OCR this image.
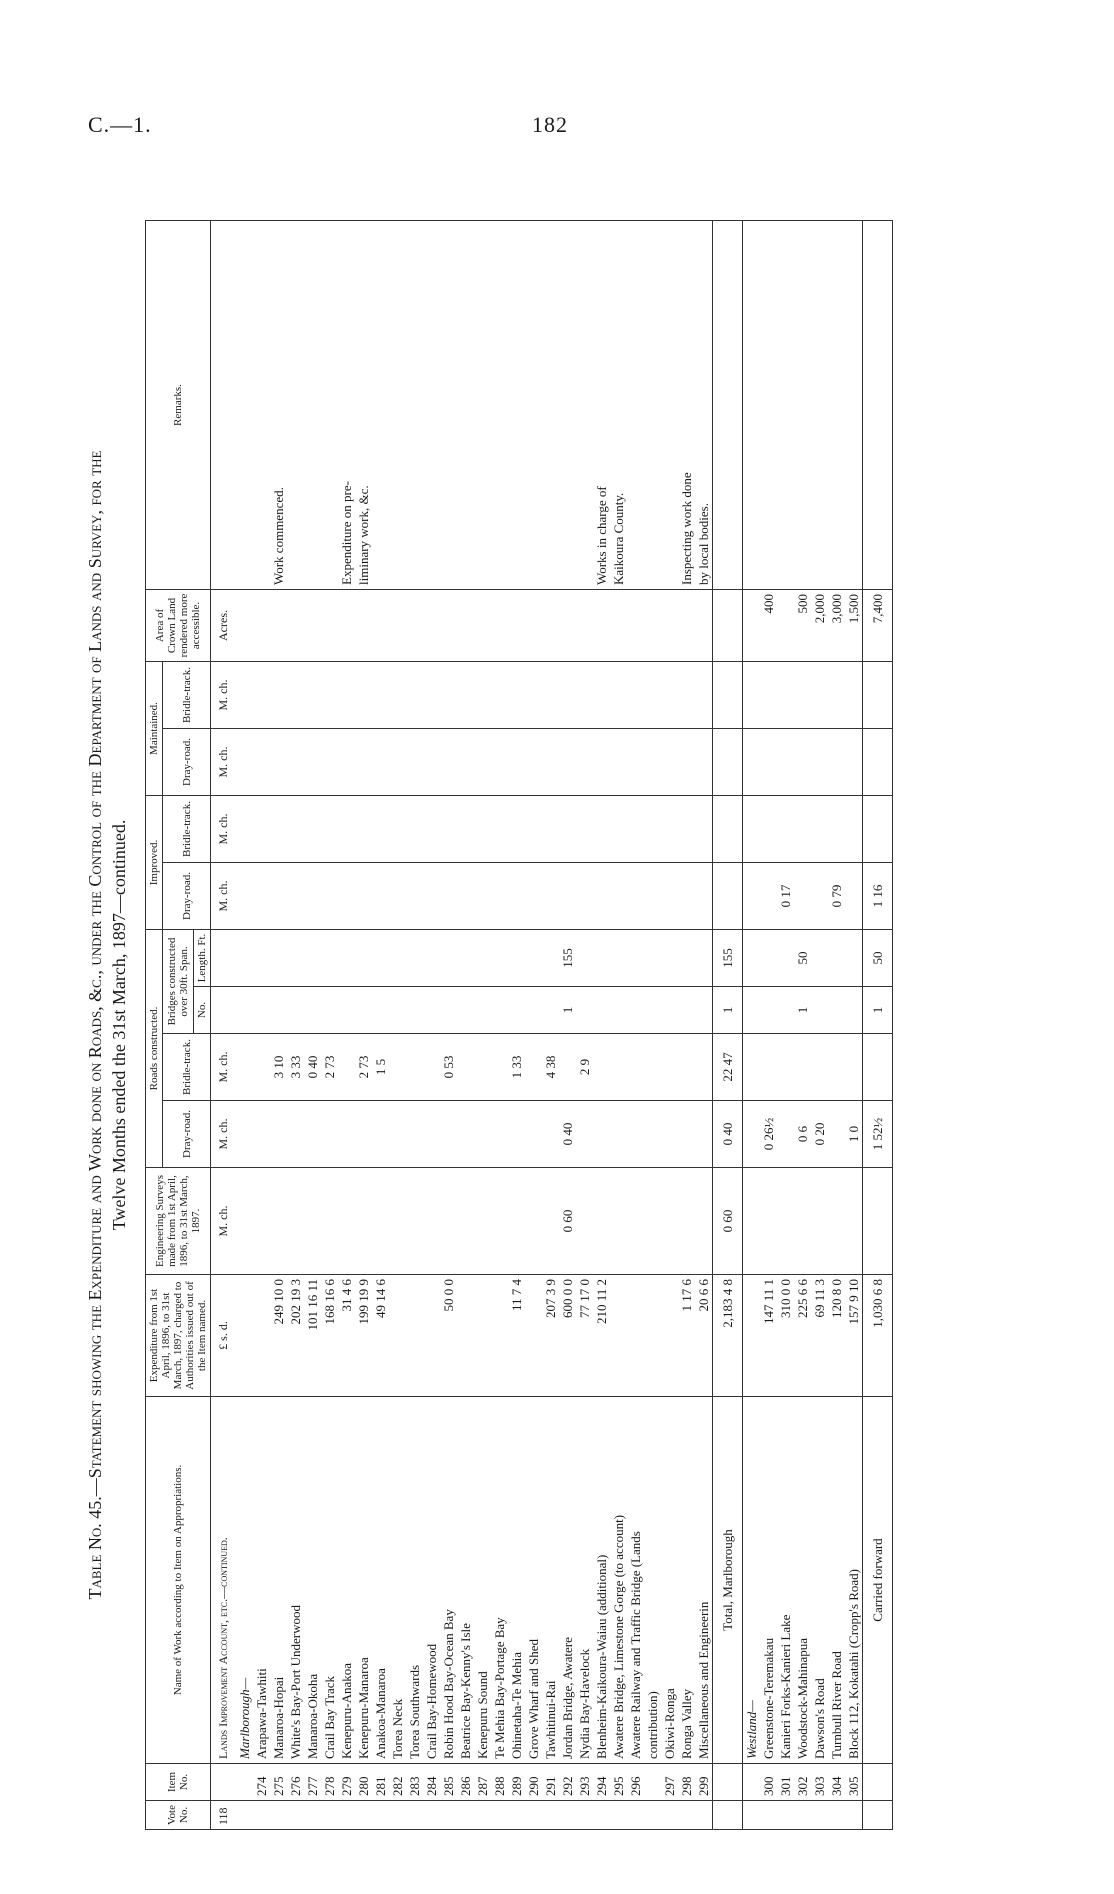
C.—1.	182
Table No. 45.—Statement showing the Expenditure and Work done on Roads, &c., under the Control of the Department of Lands and Survey, for the Twelve Months ended the 31st March, 1897—continued.
Vote No.	Item No.	Name of Work according to Item on Appropriations.	Expenditure from 1st April, 1896, to 31st March, 1897, charged to Authorities issued out of the Item named.	Engineering Surveys made from 1st April, 1896, to 31st March, 1897.	Roads constructed.				Improved.		Maintained.		Area of Crown Land rendered more accessible.	Remarks.
					Dray-road.	Bridle-track.	Bridges constructed over 30ft. Span.		Dray-road.	Bridle-track.	Dray-road.	Bridle-track.		
							No.	Length. Ft.						
118		Lands Improvement Account, etc.—continued.	£ s. d.	M. ch.	M. ch.	M. ch.			M. ch.	M. ch.	M. ch.	M. ch.	Acres.	
		Marlborough—												
	274	Arapawa-Tawhiti												
	275	Manaroa-Hopai	249 10 0			3 10								Work commenced.
	276	White's Bay-Port Underwood	202 19 3			3 33								
	277	Manaroa-Okoha	101 16 11			0 40								
	278	Crail Bay Track	168 16 6			2 73								
	279	Kenepuru-Anakoa	31 4 6											Expenditure on pre-
	280	Kenepuru-Manaroa	199 19 9			2 73								liminary work, &c.
	281	Anakoa-Manaroa	49 14 6			1 5								
	282	Torea Neck												
	283	Torea Southwards												
	284	Crail Bay-Homewood												
	285	Robin Hood Bay-Ocean Bay	50 0 0			0 53								
	286	Beatrice Bay-Kenny's Isle												
	287	Kenepuru Sound												
	288	Te Mehia Bay-Portage Bay												
	289	Ohinetaha-Te Mehia	11 7 4			1 33								
	290	Grove Wharf and Shed												
	291	Tawhitinui-Rai	207 3 9			4 38								
	292	Jordan Bridge, Awatere	600 0 0	0 60	0 40		1	155						
	293	Nydia Bay-Havelock	77 17 0			2 9								
	294	Blenheim-Kaikoura-Waiau (additional)	210 11 2											Works in charge of
	295	Awatere Bridge, Limestone Gorge (to account)												Kaikoura County.
	296	Awatere Railway and Traffic Bridge (Lands												
		contribution)												
	297	Okiwi-Ronga												
	298	Ronga Valley	1 17 6											Inspecting work done
	299	Miscellaneous and Engineerin	20 6 6											by local bodies.
		Total, Marlborough	2,183 4 8	0 60	0 40	22 47	1	155						
		Westland—												
	300	Greenstone-Teremakau	147 11 1		0 26½								400	
	301	Kanieri Forks-Kanieri Lake	310 0 0						0 17					
	302	Woodstock-Mahinapua	225 6 6		0 6		1	50					500	
	303	Dawson's Road	69 11 3		0 20								2,000	
	304	Turnbull River Road	120 8 0						0 79				3,000	
	305	Block 112, Kokatahi (Cropp's Road)	157 9 10		1 0								1,500	
		Carried forward	1,030 6 8		1 52½		1	50	1 16				7,400	
